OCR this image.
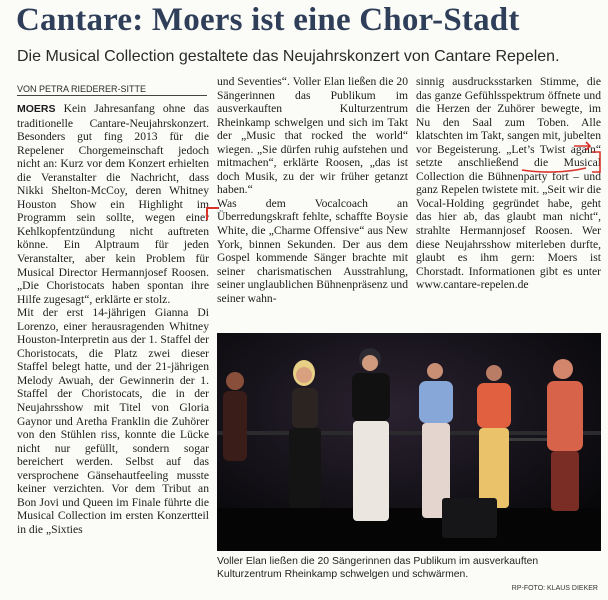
Cantare: Moers ist eine Chor-Stadt

Die Musical Collection gestaltete das Neujahrskonzert von Cantare Repelen.

VON PETRA RIEDERER-SITTE

MOERS Kein Jahresanfang ohne das traditionelle Cantare-Neujahrskonzert. Besonders gut fing 2013 für die Repelener Chorgemeinschaft jedoch nicht an: Kurz vor dem Konzert erhielten die Veranstalter die Nachricht, dass Nikki Shelton-McCoy, deren Whitney Houston Show ein Highlight im Programm sein sollte, wegen einer Kehlkopfentzündung nicht auftreten könne. Ein Alptraum für jeden Veranstalter, aber kein Problem für Musical Director Hermannjosef Roosen. „Die Choristocats haben spontan ihre Hilfe zugesagt“, erklärte er stolz.

Mit der erst 14-jährigen Gianna Di Lorenzo, einer herausragenden Whitney Houston-Interpretin aus der 1. Staffel der Choristocats, die Platz zwei dieser Staffel belegt hatte, und der 21-jährigen Melody Awuah, der Gewinnerin der 1. Staffel der Choristocats, die in der Neujahrsshow mit Titel von Gloria Gaynor und Aretha Franklin die Zuhörer von den Stühlen riss, konnte die Lücke nicht nur gefüllt, sondern sogar bereichert werden. Selbst auf das versprochene Gänsehautfeeling musste keiner verzichten. Vor dem Tribut an Bon Jovi und Queen im Finale führte die Musical Collection im ersten Konzertteil in die „Sixties

und Seventies“. Voller Elan ließen die 20 Sängerinnen das Publikum im ausverkauften Kulturzentrum Rheinkamp schwelgen und sich im Takt der „Music that rocked the world“ wiegen. „Sie dürfen ruhig aufstehen und mitmachen“, erklärte Roosen, „das ist doch Musik, zu der wir früher getanzt haben.“

Was dem Vocalcoach an Überredungskraft fehlte, schaffte Boysie White, die „Charme Offensive“ aus New York, binnen Sekunden. Der aus dem Gospel kommende Sänger brachte mit seiner charismatischen Ausstrahlung, seiner unglaublichen Bühnenpräsenz und seiner wahn-

sinnig ausdrucksstarken Stimme, die das ganze Gefühlsspektrum öffnete und die Herzen der Zuhörer bewegte, im Nu den Saal zum Toben. Alle klatschten im Takt, sangen mit, jubelten vor Begeisterung. „Let’s Twist again“ setzte anschließend die Musical Collection die Bühnenparty fort – und ganz Repelen twistete mit. „Seit wir die Vocal-Holding gegründet habe, geht das hier ab, das glaubt man nicht“, strahlte Hermannjosef Roosen. Wer diese Neujahrsshow miterleben durfte, glaubt es ihm gern: Moers ist Chorstadt. Informationen gibt es unter www.cantare-repelen.de

Voller Elan ließen die 20 Sängerinnen das Publikum im ausverkauften Kulturzentrum Rheinkamp schwelgen und schwärmen.
RP-FOTO: KLAUS DIEKER
